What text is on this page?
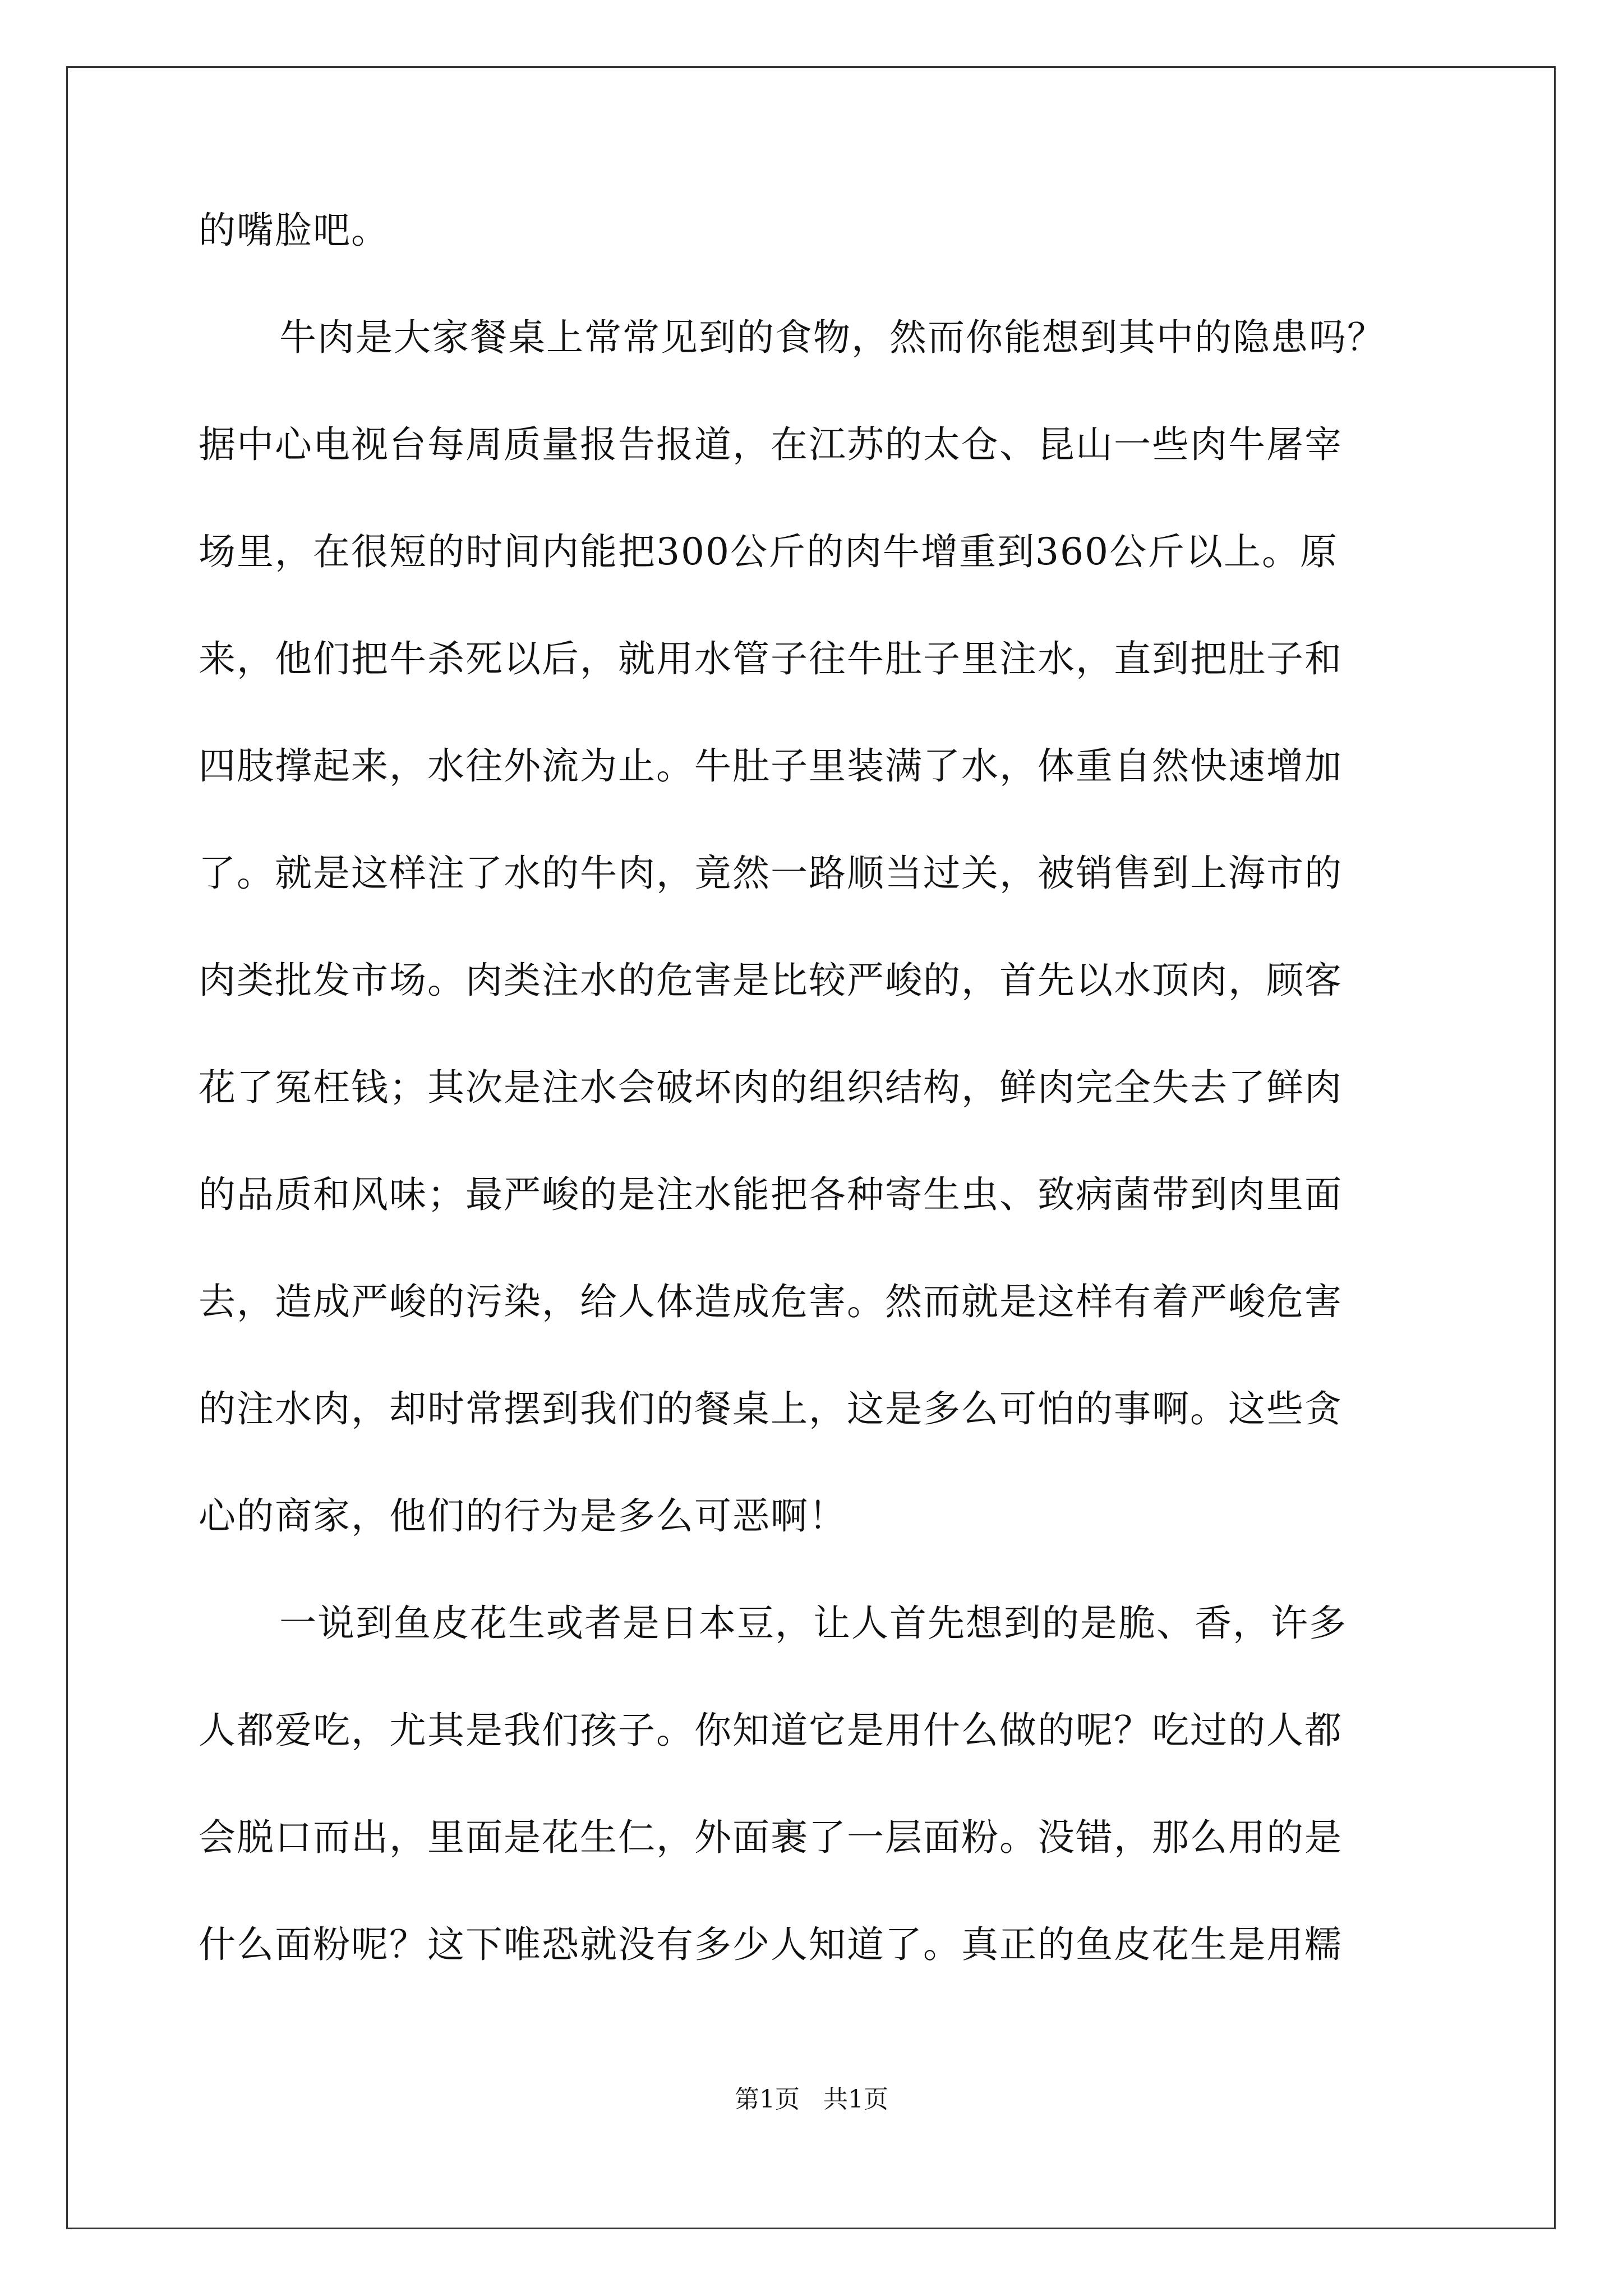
的嘴脸吧。
牛肉是大家餐桌上常常见到的食物，然而你能想到其中的隐患吗？
据中心电视台每周质量报告报道，在江苏的太仓、昆山一些肉牛屠宰
场里，在很短的时间内能把300公斤的肉牛增重到360公斤以上。原
来，他们把牛杀死以后，就用水管子往牛肚子里注水，直到把肚子和
四肢撑起来，水往外流为止。牛肚子里装满了水，体重自然快速增加
了。就是这样注了水的牛肉，竟然一路顺当过关，被销售到上海市的
肉类批发市场。肉类注水的危害是比较严峻的，首先以水顶肉，顾客
花了冤枉钱；其次是注水会破坏肉的组织结构，鲜肉完全失去了鲜肉
的品质和风味；最严峻的是注水能把各种寄生虫、致病菌带到肉里面
去，造成严峻的污染，给人体造成危害。然而就是这样有着严峻危害
的注水肉，却时常摆到我们的餐桌上，这是多么可怕的事啊。这些贪
心的商家，他们的行为是多么可恶啊！
一说到鱼皮花生或者是日本豆，让人首先想到的是脆、香，许多
人都爱吃，尤其是我们孩子。你知道它是用什么做的呢？吃过的人都
会脱口而出，里面是花生仁，外面裹了一层面粉。没错，那么用的是
什么面粉呢？这下唯恐就没有多少人知道了。真正的鱼皮花生是用糯
第1页   共1页
